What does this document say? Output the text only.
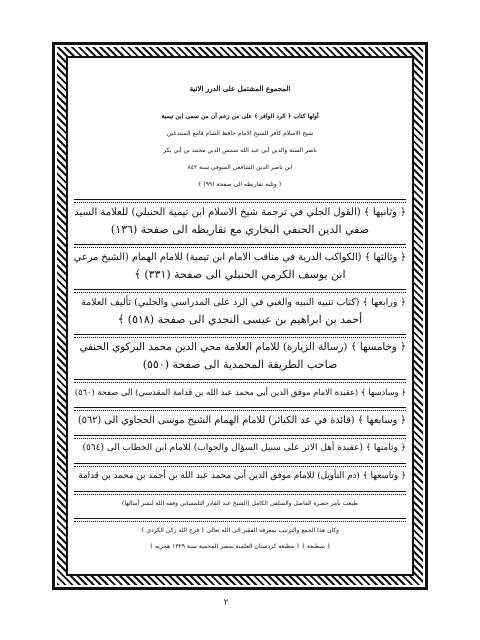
المجموع المشتمل على الدرر الاتية
أولها كتاب ﴿ الرد الوافر ﴾ على من زعم أن من سمى ابن تيمية
شيخ الاسلام كافر للشيخ الامام حافظ الشام قامع المبتدعين
ناصر السنة والدين أبي عبد الله شمس الدين محمد بن أبي بكر
ابن ناصر الدين الشافعي المتوفي سنة ٨٤٢
﴿ وتليه تقاريظه الى صفحة (٩٩) ﴾
﴿ وثانيها ﴾ (القول الجلي في ترجمة شيخ الاسلام ابن تيمية الحنبلي) للعلامة السيد
صفي الدين الحنفي البخاري مع تقاريظه الى صفحة (١٣٦)
﴿ وثالثها ﴾ (الكواكب الدرية في مناقب الامام ابن تيمية) للامام الهمام (الشيخ مرعي
ابن يوسف الكرمي الحنبلي الى صفحة (٣٣١) ﴾
﴿ ورابعها ﴾ (كتاب تنبيه النبيه والغبي في الرد على المدراسي والحلبي) تأليف العلامة
أحمد بن ابراهيم بن عيسى النجدي الى صفحة (٥١٨) ﴾
﴿ وخامسها ﴾ (رسالة الزيارة) للامام العلامة محي الدين محمد البركوي الحنفي
صاحب الطريقة المحمدية الى صفحة (٥٥٠)
﴿ وسادسها ﴾ (عقيدة الامام موفق الدين أبي محمد عبد الله بن قدامة المقدسي) الى صفحة (٥٦٠)
﴿ وسابعها ﴾ (قائدة في عد الكبائر) للامام الهمام الشيخ موسى الحجاوي الى (٥٦٢)
﴿ وثامنها ﴾ (عقيدة أهل الاثر على سبيل السؤال والجواب) للامام ابن الخطاب الى (٥٦٤)
﴿ وتاسعها ﴾ (ذم التأويل) للامام موفق الدين أبي محمد عبد الله بن أحمد بن محمد بن قدامة
طبعت بأمر حضرة الفاضل والسلفي الكامل (الشيخ عبد القادر التلمساني وفقه الله لنشر أمثالها)
وكان هذا الجمع والترتيب بمعرفة الفقير الى الله تعالى ﴿ فرج الله زكي الكردي ﴾
﴿ بمطبعة ﴾ ﴿ مطبعة كردستان العلمية بمصر المحمية سنة ١٣٢٩ هجريه ﴾
٢
